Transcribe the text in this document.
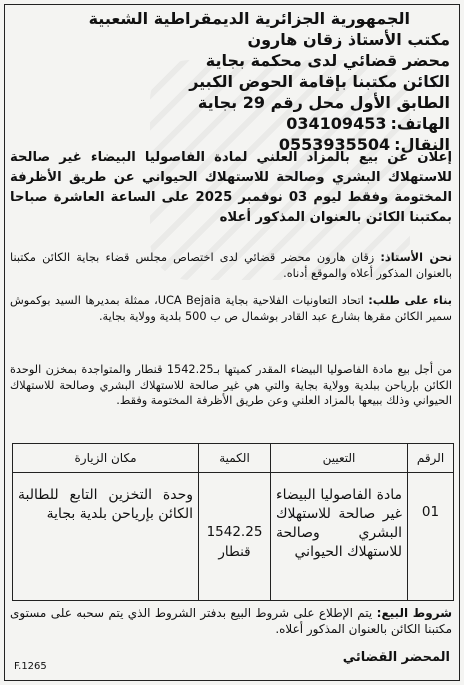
الجمهورية الجزائرية الديمقراطية الشعبية
مكتب الأستاذ زقان هارون
محضر قضائي لدى محكمة بجاية
الكائن مكتبنا بإقامة الحوض الكبير
الطابق الأول محل رقم 29 بجاية
الهاتف:034109453
النقال:0553935504
إعلان عن بيع بالمزاد العلني لمادة الفاصوليا البيضاء غير صالحة للاستهلاك البشري وصالحة للاستهلاك الحيواني عن طريق الأظرفة المختومة وفقط ليوم 03 نوفمبر 2025 على الساعة العاشرة صباحا بمكتبنا الكائن بالعنوان المذكور أعلاه
نحن الأستاذ: زقان هارون محضر قضائي لدى اختصاص مجلس قضاء بجاية الكائن مكتبنا بالعنوان المذكور أعلاه والموقع أدناه.
بناء على طلب: اتحاد التعاونيات الفلاحية بجاية UCA Bejaia، ممثلة بمديرها السيد بوكموش سمير الكائن مقرها بشارع عبد القادر بوشمال ص ب 500 بلدية وولاية بجاية.
من أجل بيع مادة الفاصوليا البيضاء المقدر كميتها بـ1542.25 قنطار والمتواجدة بمخزن الوحدة الكائن بإرياحن ببلدية وولاية بجاية والتي هي غير صالحة للاستهلاك البشري وصالحة للاستهلاك الحيواني وذلك ببيعها بالمزاد العلني وعن طريق الأظرفة المختومة وفقط.
الرقم	التعيين	الكمية	مكان الزيارة

01	مادة الفاصوليا البيضاء غير صالحة للاستهلاك البشري وصالحة للاستهلاك الحيواني	1542.25 قنطار	وحدة التخزين التابع للطالبة الكائن بإرياحن بلدية بجاية
شروط البيع: يتم الإطلاع على شروط البيع بدفتر الشروط الذي يتم سحبه على مستوى مكتبنا الكائن بالعنوان المذكور أعلاه.
المحضر القضائي
F.1265
